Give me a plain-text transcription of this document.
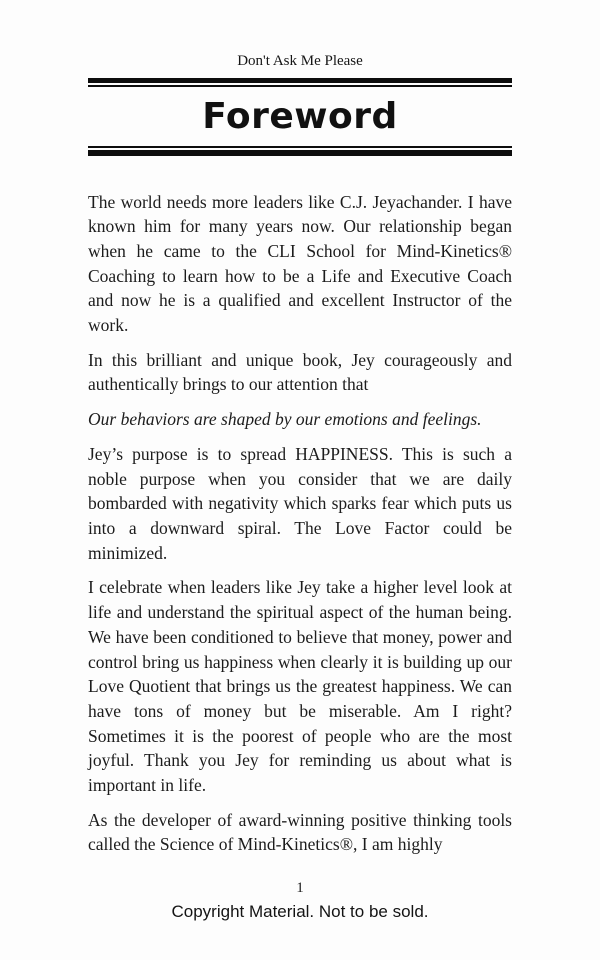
Don't Ask Me Please
Foreword

The world needs more leaders like C.J. Jeyachander. I have known him for many years now. Our relationship began when he came to the CLI School for Mind-Kinetics® Coaching to learn how to be a Life and Executive Coach and now he is a qualified and excellent Instructor of the work.

In this brilliant and unique book, Jey courageously and authentically brings to our attention that

Our behaviors are shaped by our emotions and feelings.

Jey’s purpose is to spread HAPPINESS. This is such a noble purpose when you consider that we are daily bombarded with negativity which sparks fear which puts us into a downward spiral. The Love Factor could be minimized.

I celebrate when leaders like Jey take a higher level look at life and understand the spiritual aspect of the human being. We have been conditioned to believe that money, power and control bring us happiness when clearly it is building up our Love Quotient that brings us the greatest happiness. We can have tons of money but be miserable. Am I right? Sometimes it is the poorest of people who are the most joyful. Thank you Jey for reminding us about what is important in life.

As the developer of award-winning positive thinking tools called the Science of Mind-Kinetics®, I am highly

1
Copyright Material. Not to be sold.
